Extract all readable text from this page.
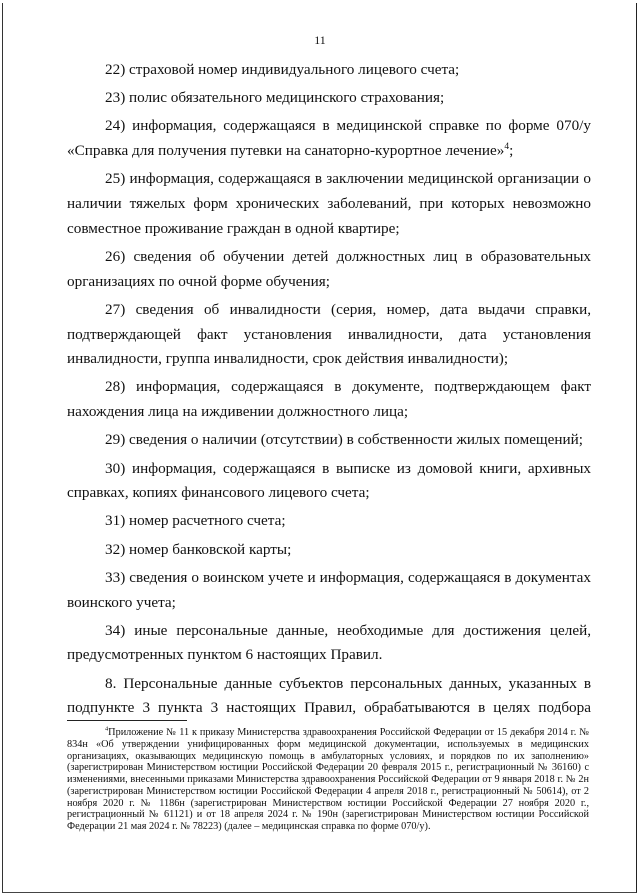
11

22) страховой номер индивидуального лицевого счета;

23) полис обязательного медицинского страхования;

24) информация, содержащаяся в медицинской справке по форме 070/у «Справка для получения путевки на санаторно-курортное лечение»$^4$;

25) информация, содержащаяся в заключении медицинской организации о наличии тяжелых форм хронических заболеваний, при которых невозможно совместное проживание граждан в одной квартире;

26) сведения об обучении детей должностных лиц в образовательных организациях по очной форме обучения;

27) сведения об инвалидности (серия, номер, дата выдачи справки, подтверждающей факт установления инвалидности, дата установления инвалидности, группа инвалидности, срок действия инвалидности);

28) информация, содержащаяся в документе, подтверждающем факт нахождения лица на иждивении должностного лица;

29) сведения о наличии (отсутствии) в собственности жилых помещений;

30) информация, содержащаяся в выписке из домовой книги, архивных справках, копиях финансового лицевого счета;

31) номер расчетного счета;

32) номер банковской карты;

33) сведения о воинском учете и информация, содержащаяся в документах воинского учета;

34) иные персональные данные, необходимые для достижения целей, предусмотренных пунктом 6 настоящих Правил.

8. Персональные данные субъектов персональных данных, указанных в подпункте 3 пункта 3 настоящих Правил, обрабатываются в целях подбора

$^4$Приложение № 11 к приказу Министерства здравоохранения Российской Федерации от 15 декабря 2014 г. № 834н «Об утверждении унифицированных форм медицинской документации, используемых в медицинских организациях, оказывающих медицинскую помощь в амбулаторных условиях, и порядков по их заполнению» (зарегистрирован Министерством юстиции Российской Федерации 20 февраля 2015 г., регистрационный № 36160) с изменениями, внесенными приказами Министерства здравоохранения Российской Федерации от 9 января 2018 г. № 2н (зарегистрирован Министерством юстиции Российской Федерации 4 апреля 2018 г., регистрационный № 50614), от 2 ноября 2020 г. № 1186н (зарегистрирован Министерством юстиции Российской Федерации 27 ноября 2020 г., регистрационный № 61121) и от 18 апреля 2024 г. № 190н (зарегистрирован Министерством юстиции Российской Федерации 21 мая 2024 г. № 78223) (далее – медицинская справка по форме 070/у).
